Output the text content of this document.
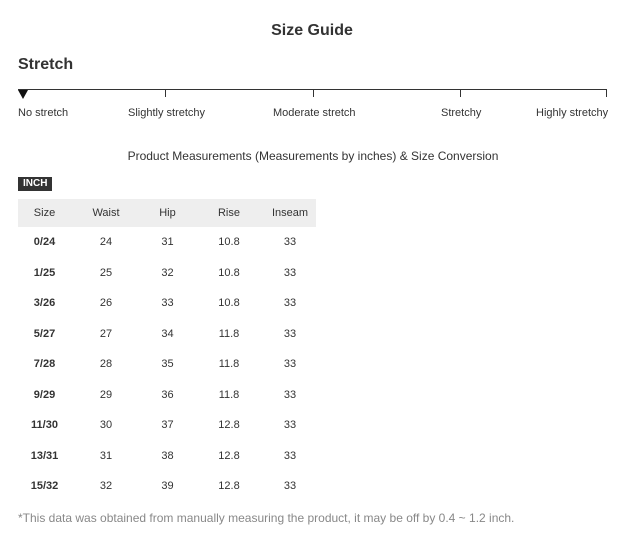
Size Guide
Stretch
No stretch	Slightly stretchy	Moderate stretch	Stretchy	Highly stretchy
Product Measurements (Measurements by inches) & Size Conversion
INCH
Size	Waist	Hip	Rise	Inseam
0/24	24	31	10.8	33
1/25	25	32	10.8	33
3/26	26	33	10.8	33
5/27	27	34	11.8	33
7/28	28	35	11.8	33
9/29	29	36	11.8	33
11/30	30	37	12.8	33
13/31	31	38	12.8	33
15/32	32	39	12.8	33
*This data was obtained from manually measuring the product, it may be off by 0.4 ~ 1.2 inch.
